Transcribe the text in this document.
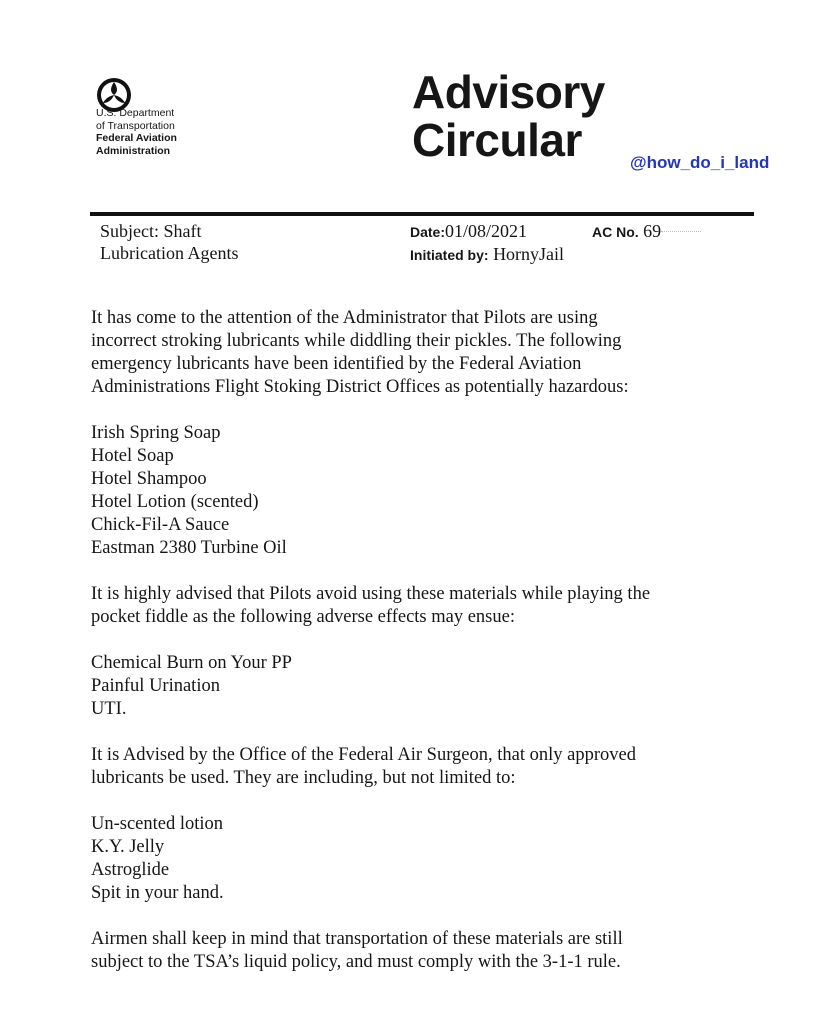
U.S. Department
of Transportation
Federal Aviation
Administration
Advisory
Circular	@how_do_i_land
Subject: Shaft
Lubrication Agents
Date:01/08/2021
Initiated by: HornyJail
AC No. 69

It has come to the attention of the Administrator that Pilots are using

incorrect stroking lubricants while diddling their pickles. The following

emergency lubricants have been identified by the Federal Aviation

Administrations Flight Stoking District Offices as potentially hazardous:

Irish Spring Soap

Hotel Soap

Hotel Shampoo

Hotel Lotion (scented)

Chick-Fil-A Sauce

Eastman 2380 Turbine Oil

It is highly advised that Pilots avoid using these materials while playing the

pocket fiddle as the following adverse effects may ensue:

Chemical Burn on Your PP

Painful Urination

UTI.

It is Advised by the Office of the Federal Air Surgeon, that only approved

lubricants be used. They are including, but not limited to:

Un-scented lotion

K.Y. Jelly

Astroglide

Spit in your hand.

Airmen shall keep in mind that transportation of these materials are still

subject to the TSA’s liquid policy, and must comply with the 3-1-1 rule.
